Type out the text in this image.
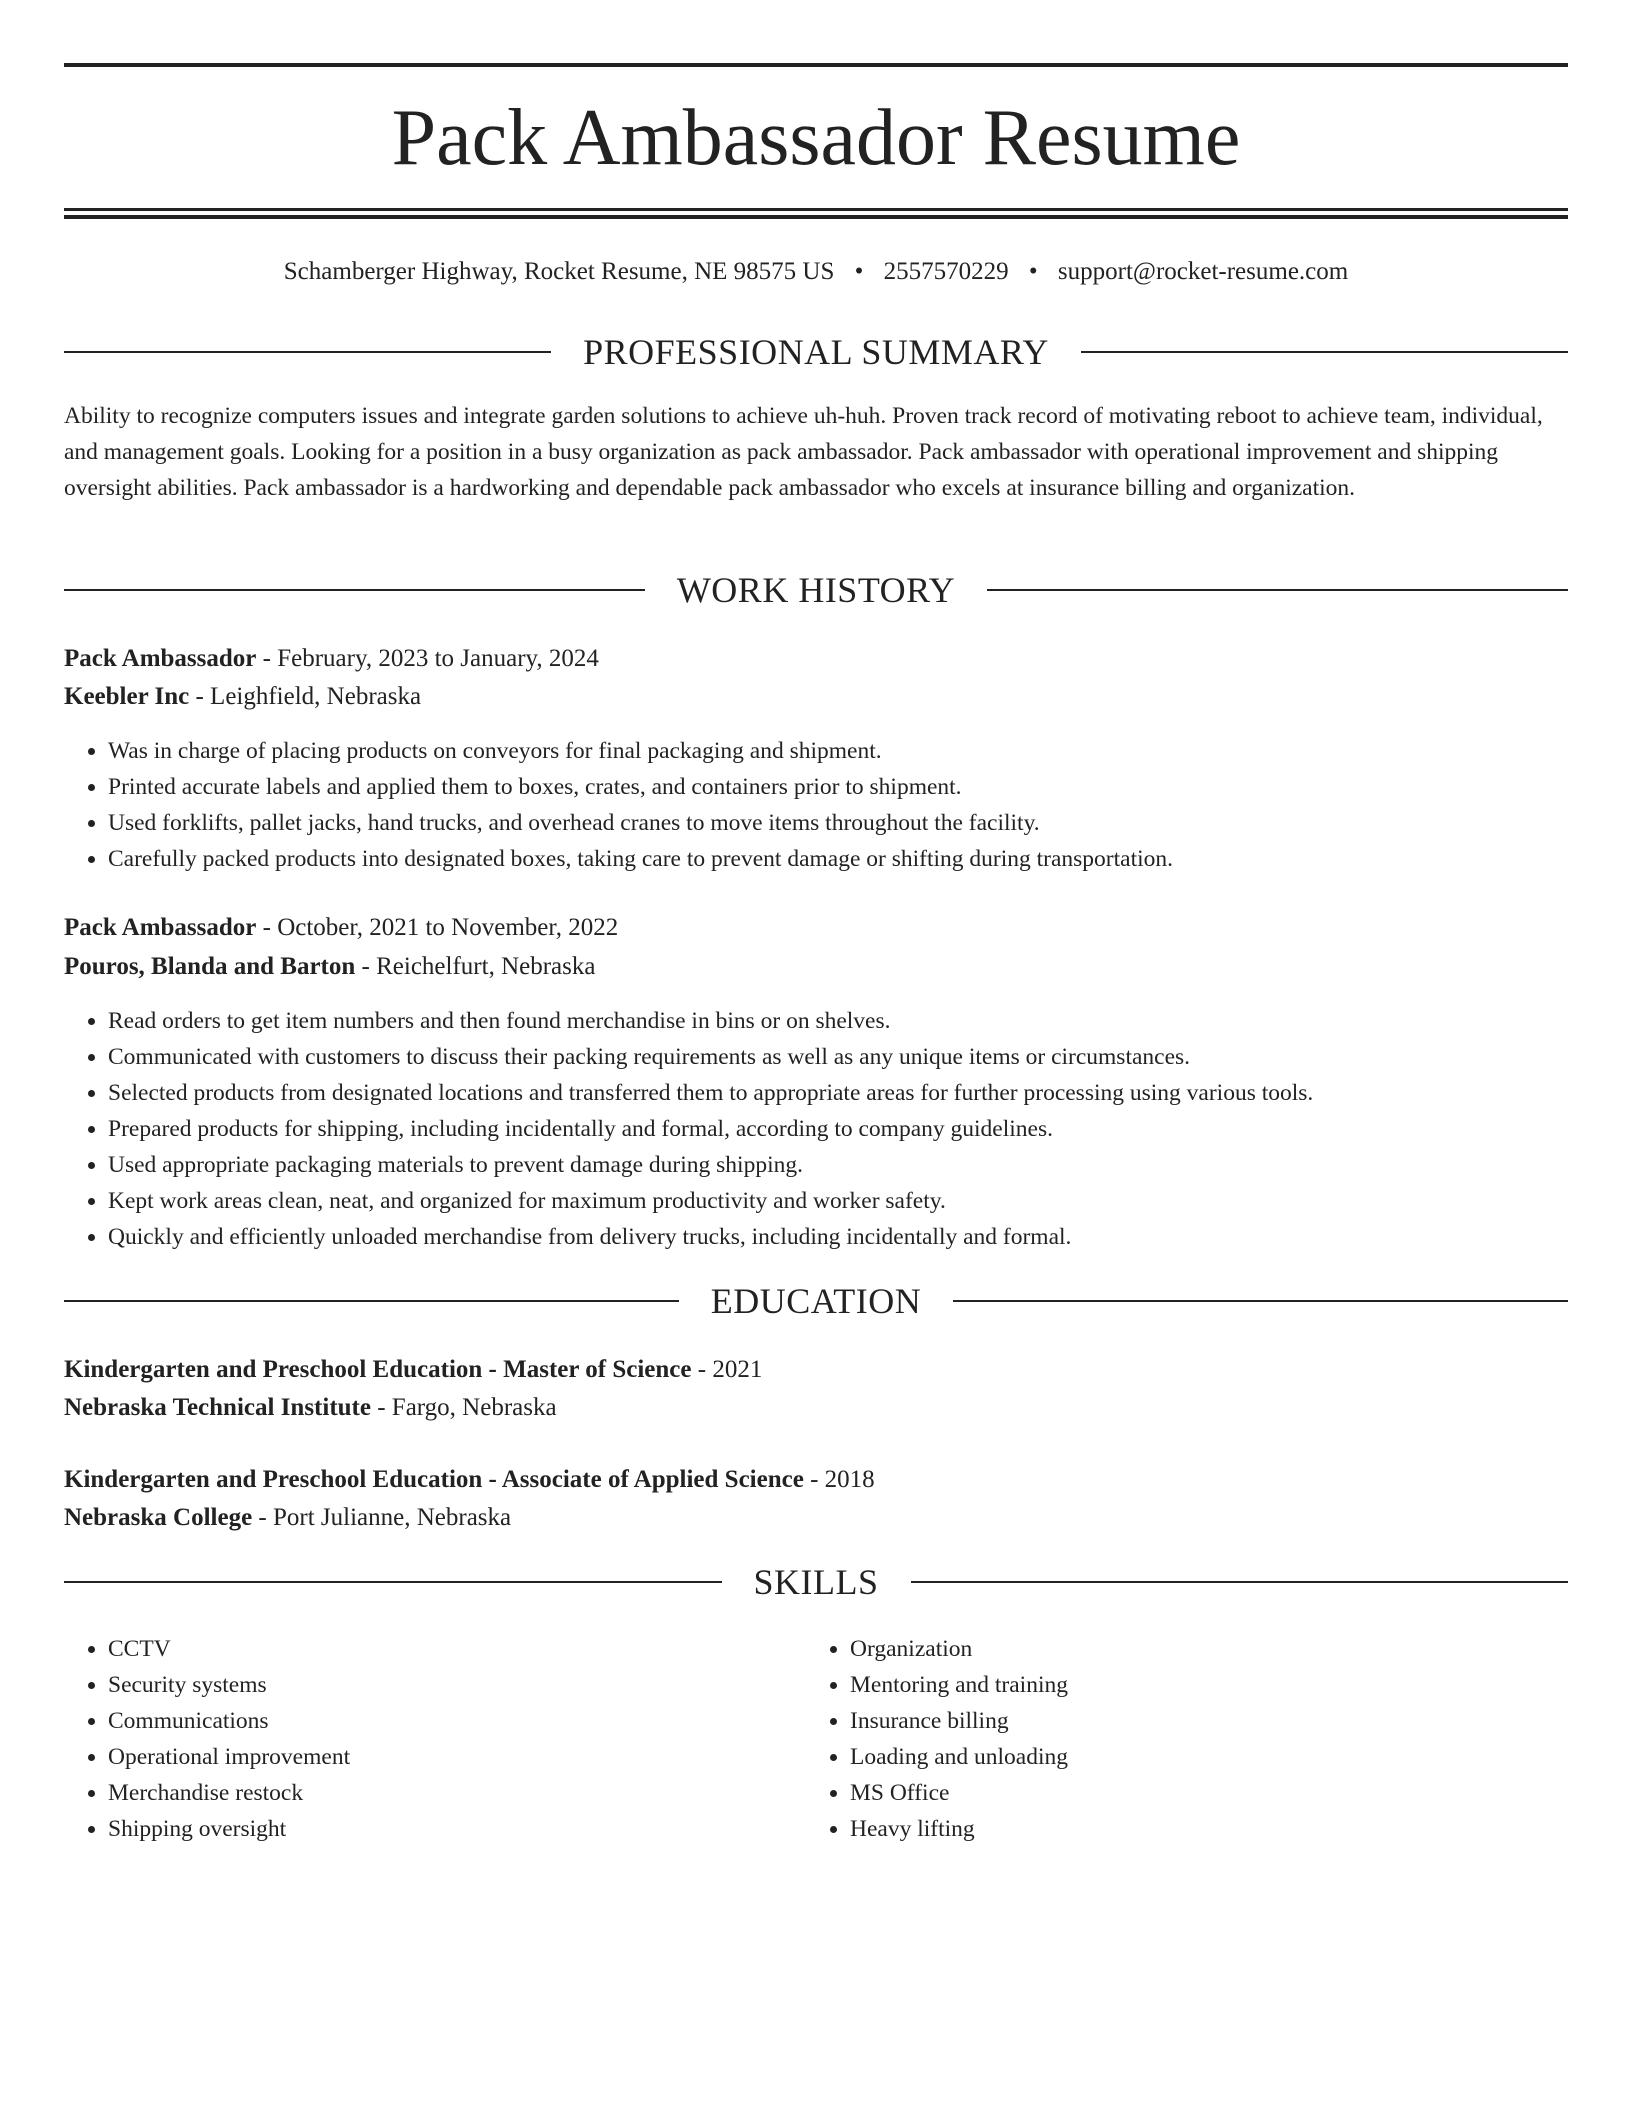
Pack Ambassador Resume
Schamberger Highway, Rocket Resume, NE 98575 US • 2557570229 • support@rocket-resume.com
PROFESSIONAL SUMMARY
Ability to recognize computers issues and integrate garden solutions to achieve uh-huh. Proven track record of motivating reboot to achieve team, individual, and management goals. Looking for a position in a busy organization as pack ambassador. Pack ambassador with operational improvement and shipping oversight abilities. Pack ambassador is a hardworking and dependable pack ambassador who excels at insurance billing and organization.
WORK HISTORY
Pack Ambassador - February, 2023 to January, 2024
Keebler Inc - Leighfield, Nebraska
• Was in charge of placing products on conveyors for final packaging and shipment.
• Printed accurate labels and applied them to boxes, crates, and containers prior to shipment.
• Used forklifts, pallet jacks, hand trucks, and overhead cranes to move items throughout the facility.
• Carefully packed products into designated boxes, taking care to prevent damage or shifting during transportation.
Pack Ambassador - October, 2021 to November, 2022
Pouros, Blanda and Barton - Reichelfurt, Nebraska
• Read orders to get item numbers and then found merchandise in bins or on shelves.
• Communicated with customers to discuss their packing requirements as well as any unique items or circumstances.
• Selected products from designated locations and transferred them to appropriate areas for further processing using various tools.
• Prepared products for shipping, including incidentally and formal, according to company guidelines.
• Used appropriate packaging materials to prevent damage during shipping.
• Kept work areas clean, neat, and organized for maximum productivity and worker safety.
• Quickly and efficiently unloaded merchandise from delivery trucks, including incidentally and formal.
EDUCATION
Kindergarten and Preschool Education - Master of Science - 2021
Nebraska Technical Institute - Fargo, Nebraska
Kindergarten and Preschool Education - Associate of Applied Science - 2018
Nebraska College - Port Julianne, Nebraska
SKILLS
• CCTV
• Security systems
• Communications
• Operational improvement
• Merchandise restock
• Shipping oversight
• Organization
• Mentoring and training
• Insurance billing
• Loading and unloading
• MS Office
• Heavy lifting
